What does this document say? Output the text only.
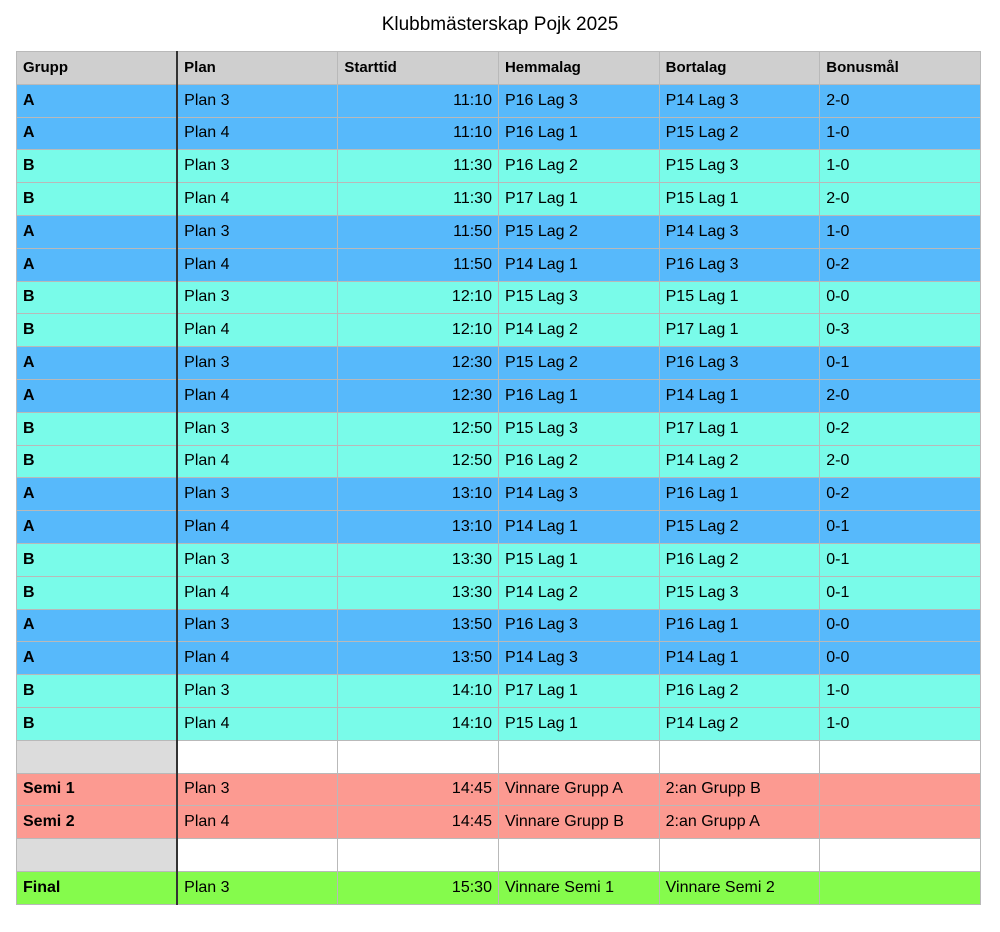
Klubbmästerskap Pojk 2025
Grupp	Plan	Starttid	Hemmalag	Bortalag	Bonusmål
A	Plan 3	11:10	P16 Lag 3	P14 Lag 3	2-0
A	Plan 4	11:10	P16 Lag 1	P15 Lag 2	1-0
B	Plan 3	11:30	P16 Lag 2	P15 Lag 3	1-0
B	Plan 4	11:30	P17 Lag 1	P15 Lag 1	2-0
A	Plan 3	11:50	P15 Lag 2	P14 Lag 3	1-0
A	Plan 4	11:50	P14 Lag 1	P16 Lag 3	0-2
B	Plan 3	12:10	P15 Lag 3	P15 Lag 1	0-0
B	Plan 4	12:10	P14 Lag 2	P17 Lag 1	0-3
A	Plan 3	12:30	P15 Lag 2	P16 Lag 3	0-1
A	Plan 4	12:30	P16 Lag 1	P14 Lag 1	2-0
B	Plan 3	12:50	P15 Lag 3	P17 Lag 1	0-2
B	Plan 4	12:50	P16 Lag 2	P14 Lag 2	2-0
A	Plan 3	13:10	P14 Lag 3	P16 Lag 1	0-2
A	Plan 4	13:10	P14 Lag 1	P15 Lag 2	0-1
B	Plan 3	13:30	P15 Lag 1	P16 Lag 2	0-1
B	Plan 4	13:30	P14 Lag 2	P15 Lag 3	0-1
A	Plan 3	13:50	P16 Lag 3	P16 Lag 1	0-0
A	Plan 4	13:50	P14 Lag 3	P14 Lag 1	0-0
B	Plan 3	14:10	P17 Lag 1	P16 Lag 2	1-0
B	Plan 4	14:10	P15 Lag 1	P14 Lag 2	1-0

Semi 1	Plan 3	14:45	Vinnare Grupp A	2:an Grupp B	
Semi 2	Plan 4	14:45	Vinnare Grupp B	2:an Grupp A	

Final	Plan 3	15:30	Vinnare Semi 1	Vinnare Semi 2	
